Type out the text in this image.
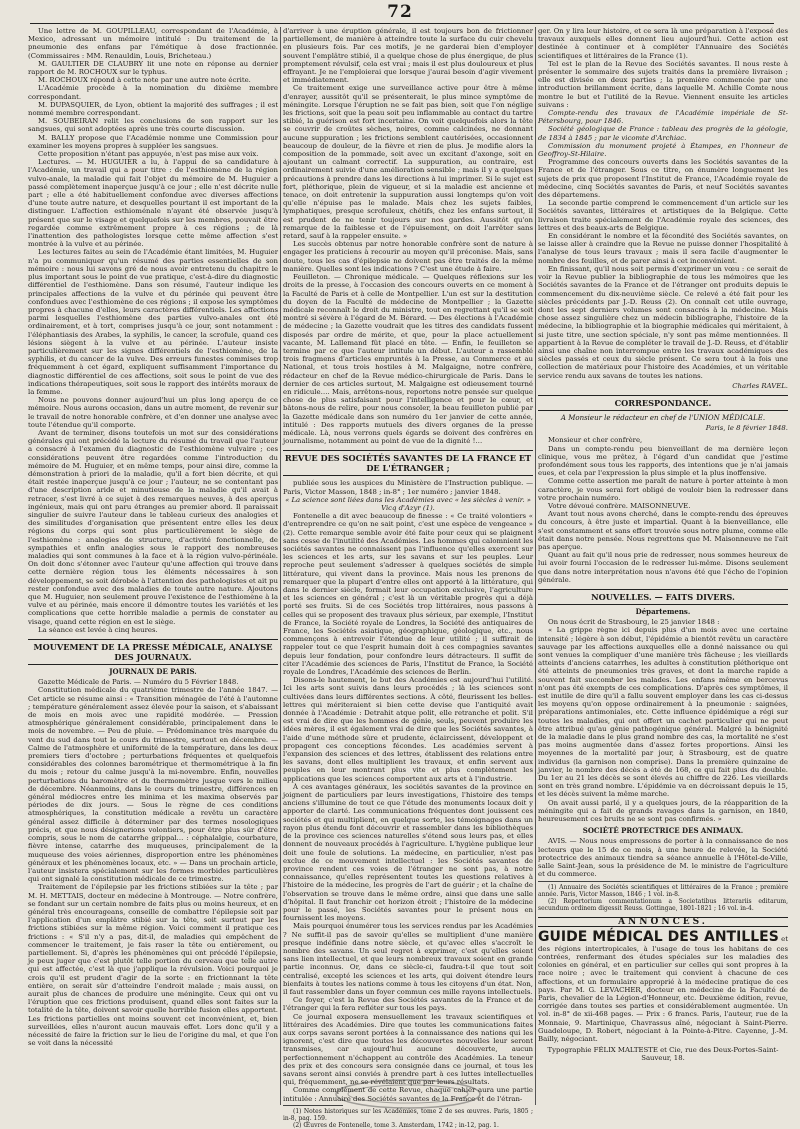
72

Une lettre de M. GOUPILLEAU, correspondant de l'Académie, à Mexico, adressant un mémoire intitulé : Du traitement de la pneumonie des enfans par l'émétique à dose fractionnée. (Commissaires : MM. Renauldin, Louis, Bricheteau.)

M. GAULTIER DE CLAUBRY lit une note en réponse au dernier rapport de M. ROCHOUX sur le typhus.

M. ROCHOUX répond à cette note par une autre note écrite.

L'Académie procède à la nomination du dixième membre correspondant.

M. DUPASQUIER, de Lyon, obtient la majorité des suffrages ; il est nommé membre correspondant.

M. SOUBEIRAN relit les conclusions de son rapport sur les sangsues, qui sont adoptées après une très courte discussion.

M. BALLY propose que l'Académie nomme une Commission pour examiner les moyens propres à suppléer les sangsues.

Cette proposition n'étant pas appuyée, n'est pas mise aux voix.

Lectures. — M. HUGUIER a lu, à l'appui de sa candidature à l'Académie, un travail qui a pour titre : de l'esthiomène de la région vulvo-anale, la maladie qui fait l'objet du mémoire de M. Huguier a passé complètement inaperçue jusqu'à ce jour ; elle n'est décrite nulle part ; elle a été habituellement confondue avec diverses affections d'une toute autre nature, et desquelles pourtant il est important de la distinguer. L'affection esthioménale n'ayant été observée jusqu'à présent que sur le visage et quelquefois sur les membres, pouvait être regardée comme extrêmement propre à ces régions ; de là l'inattention des pathologistes lorsque cette même affection s'est montrée à la vulve et au périnée.

Les lectures faites au sein de l'Académie étant limitées, M. Huguier n'a pu communiquer qu'un résumé des parties essentielles de son mémoire : nous lui savons gré de nous avoir entretenu du chapitre le plus important sous le point de vue pratique, c'est-à-dire du diagnostic différentiel de l'esthiomène. Dans son résumé, l'auteur indique les principales affections de la vulve et du périnée qui peuvent être confondues avec l'esthiomène de ces régions ; il expose les symptômes propres à chacune d'elles, leurs caractères différentiels. Les affections parmi lesquelles l'esthiomène des parties vulvo-anales ont été ordinairement, et à tort, comprises jusqu'à ce jour, sont notamment : l'éléphantiasis des Arabes, la syphilis, le cancer, la scrofule, quand ces lésions siègent à la vulve et au périnée. L'auteur insiste particulièrement sur les signes différentiels de l'esthiomène, de la syphilis, et du cancer de la vulve. Des erreurs funestes commises trop fréquemment à cet égard, expliquent suffisamment l'importance du diagnostic différentiel de ces affections, soit sous le point de vue des indications thérapeutiques, soit sous le rapport des intérêts moraux de la femme.

Nous ne pouvons donner aujourd'hui un plus long aperçu de ce mémoire. Nous aurons occasion, dans un autre moment, de revenir sur le travail de notre honorable confrère, et d'en donner une analyse avec toute l'étendue qu'il comporte.

Avant de terminer, disons toutefois un mot sur des considérations générales qui ont précédé la lecture du résumé du travail que l'auteur a consacré à l'examen du diagnostic de l'esthiomène vulvaire ; ces considérations peuvent être regardées comme l'introduction du mémoire de M. Huguier, et en même temps, pour ainsi dire, comme la démonstration à priori de la maladie, qu'il a fort bien décrite, et qui était restée inaperçue jusqu'à ce jour ; l'auteur, ne se contentant pas d'une description aride et minutieuse de la maladie qu'il avait à retracer, s'est livré à ce sujet à des remarques neuves, à des aperçus ingénieux, mais qui ont paru étranges au premier abord. Il paraissait singulier de suivre l'auteur dans le tableau curieux des analogies et des similitudes d'organisation que présentent entre elles les deux régions du corps qui sont plus particulièrement le siège de l'esthiomène : analogies de structure, d'activité fonctionnelle, de sympathies et enfin analogies sous le rapport des nombreuses maladies qui sont communes à la face et à la région vulvo-périnéale. On doit donc s'étonner avec l'auteur qu'une affection qui trouve dans cette dernière région tous les éléments nécessaires à son développement, se soit dérobée à l'attention des pathologistes et ait pu rester confondue avec des maladies de toute autre nature. Ajoutons que M. Huguier, non seulement prouve l'existence de l'esthiomène à la vulve et au périnée, mais encore il démontre toutes les variétés et les complications que cette horrible maladie a permis de constater au visage, quand cette région en est le siège.

La séance est levée à cinq heures.

MOUVEMENT DE LA PRESSE MÉDICALE, ANALYSE DES JOURNAUX.
JOURNAUX DE PARIS.

Gazette Médicale de Paris. — Numéro du 5 Février 1848.

Constitution médicale du quatrième trimestre de l'année 1847. — Cet article se résume ainsi : « Transition ménagée de l'été à l'automne ; température généralement assez élevée pour la saison, et s'abaissant de mois en mois avec une rapidité modérée. — Pression atmosphérique généralement considérable, principalement dans le mois de novembre. — Peu de pluie. — Prédominance très marquée du vent du sud dans tout le cours du trimestre, surtout en décembre. — Calme de l'atmosphère et uniformité de la température, dans les deux premiers tiers d'octobre ; perturbations fréquentes et quelquefois considérables des colonnes barométrique et thermométrique à la fin du mois ; retour du calme jusqu'à la mi-novembre. Enfin, nouvelles perturbations du baromètre et du thermomètre jusque vers le milieu de décembre. Néanmoins, dans le cours du trimestre, différences en général médiocres entre les minima et les maxima observés par périodes de dix jours. — Sous le règne de ces conditions atmosphériques, la constitution médicale a revêtu un caractère général assez difficile à déterminer par des termes nosologiques précis, et que nous désignerions volontiers, pour être plus sûr d'être compris, sous le nom de catarrhe grippal… : céphalalgie, courbature, fièvre intense, catarrhe des muqueuses, principalement de la muqueuse des voies aériennes, disproportion entre les phénomènes généraux et les phénomènes locaux, etc. » — Dans un prochain article, l'auteur insistera spécialement sur les formes morbides particulières qui ont signalé la constitution médicale de ce trimestre.

Traitement de l'épilepsie par les frictions stibiées sur la tête ; par M. H. METTAIS, docteur en médecine à Montrouge. — Notre confrère, se fondant sur un certain nombre de faits plus ou moins heureux, et en général très encourageans, conseille de combattre l'épilepsie soit par l'application d'un emplâtre stibié sur la tête, soit surtout par les frictions stibiées sur la même région. Voici comment il pratique ces frictions : « S'il n'y a pas, dit-il, de maladies qui empêchent de commencer le traitement, je fais raser la tête ou entièrement, ou partiellement. Si, d'après les phénomènes qui ont précédé l'épilepsie, je peux juger que c'est plutôt telle portion du cerveau que telle autre qui est affectée, c'est là que j'applique la révulsion. Voici pourquoi je crois qu'il est prudent d'agir de la sorte : en frictionnant la tête entière, on serait sûr d'atteindre l'endroit malade ; mais aussi, on aurait plus de chances de produire une méningite. Ceux qui ont vu l'éruption que ces frictions produisent, quand elles sont faites sur la totalité de la tête, doivent savoir quelle horrible fusion elles apportent. Les frictions partielles ont moins souvent cet inconvénient, et, bien surveillées, elles n'auront aucun mauvais effet. Lors donc qu'il y a nécessité de faire la friction sur le lieu de l'origine du mal, et que l'on se voit dans la nécessité

d'arriver à une éruption générale, il est toujours bon de frictionner partiellement, de manière à atteindre toute la surface du cuir chevelu en plusieurs fois. Par ces motifs, je ne garderai bien d'employer souvent l'emplâtre stibié, il a quelque chose de plus énergique, de plus promptement révulsif, cela est vrai ; mais il est plus douloureux et plus effrayant. Je ne l'emploierai que lorsque j'aurai besoin d'agir vivement et immédiatement.

Ce traitement exige une surveillance active pour être à même d'enrayer, aussitôt qu'il se présenterait, le plus mince symptôme de méningite. Lorsque l'éruption ne se fait pas bien, soit que l'on néglige les frictions, soit que la peau soit peu inflammable au contact du tartre stibié, la guérison est fort incertaine. On voit quelquefois alors la tête se couvrir de croûtes sèches, noires, comme calcinées, ne donnant aucune suppuration ; les frictions semblent cautérisées, occasionnent beaucoup de douleur, de la fièvre et rien de plus. Je modifie alors la composition de la pommade, soit avec un excitant d'axonge, soit en ajoutant un calmant correctif. La suppuration, au contraire, est ordinairement suivie d'une amélioration sensible ; mais il y a quelques précautions à prendre dans les directions à lui imprimer. Si le sujet est fort, pléthorique, plein de vigueur, et si la maladie est ancienne et tenace, on doit entretenir la suppuration aussi longtemps qu'on voit qu'elle n'épuise pas le malade. Mais chez les sujets faibles, lymphatiques, presque scrofuleux, chétifs, chez les enfans surtout, il est prudent de ne tenir toujours sur nos gardes. Aussitôt qu'on remarque de la faiblesse et de l'épuisement, on doit l'arrêter sans retard, sauf à la rappeler ensuite. »

Les succès obtenus par notre honorable confrère sont de nature à engager les praticiens à recourir au moyen qu'il préconise. Mais, sans doute, tous les cas d'épilepsie ne doivent pas être traités de la même manière. Quelles sont les indications ? C'est une étude à faire.

Feuilleton. — Chronique médicale. — Quelques réflexions sur les droits de la presse, à l'occasion des concours ouverts en ce moment à la Faculté de Paris et à celle de Montpellier. L'un est sur la destitution du doyen de la Faculté de médecine de Montpellier ; la Gazette médicale reconnaît le droit du ministre, tout en regrettant qu'il se soit montré si sévère à l'égard de M. Bérard. — Des élections à l'Académie de médecine ; la Gazette voudrait que les titres des candidats fussent disposés par ordre de mérite, et que, pour la place actuellement vacante, M. Lallemand fût placé en tête. — Enfin, le feuilleton se termine par ce que l'auteur intitule un début. L'auteur a rassemblé trois fragmens d'articles empruntés à la Presse, au Commerce et au National, et tous trois hostiles à M. Malgaigne, notre confrère, rédacteur en chef de la Revue médico-chirurgicale de Paris. Dans le dernier de ces articles surtout, M. Malgaigne est odieusement tourné en ridicule…. Mais, arrêtons-nous, reportons notre pensée sur quelque chose de plus satisfaisant pour l'intelligence et pour le cœur, et bâtons-nous de relire, pour nous consoler, la beau feuilleton publié par la Gazette médicale dans son numéro du 1er janvier de cette année, intitulé : Des rapports mutuels des divers organes de la presse médicale. Là, nous verrons quels égards se doivent des confrères en journalisme, notamment au point de vue de la dignité !…

REVUE DES SOCIÉTÉS SAVANTES DE LA FRANCE ET DE L'ÉTRANGER ;

publiée sous les auspices du Ministère de l'Instruction publique. — Paris, Victor Masson, 1848 ; in-8° ; 1er numéro ; janvier 1848.

« La science sont liées dans les Académies avec « les siècles à venir. » Vicq d'Azyr (1).

Fontenelle a dit avec beaucoup de finesse : « Ce traité volontiers « d'entreprendre ce qu'on ne sait point, c'est une espèce de vengeance » (2). Cette remarque semble avoir été faite pour ceux qui se plaignent sans cesse de l'inutilité des Académies. Les hommes qui calomnient les sociétés savantes ne connaissent pas l'influence qu'elles exercent sur les sciences et les arts, sur les savans et sur les peuples. Leur reproche peut seulement s'adresser à quelques sociétés de simple littérature, qui vivent dans la province. Mais nous les prenons de remarquer que la plupart d'entre elles ont apporté à la littérature, qui dans le dernier siècle, formait leur occupation exclusive, l'agriculture et les sciences en général ; c'est là un véritable progrès qui a déjà porté ses fruits. Si de ces Sociétés trop littéraires, nous passons à celles qui se proposent des travaux plus sérieux, par exemple, l'Institut de France, la Société royale de Londres, la Société des antiquaires de France, les Sociétés asiatique, géographique, géologique, etc., nous commençons à entrevoir l'étendue de leur utilité ; il suffirait de rappeler tout ce que l'esprit humain doit à ces compagnies savantes depuis leur fondation, pour confondre leurs détracteurs. Il suffit de citer l'Académie des sciences de Paris, l'Institut de France, la Société royale de Londres, l'Académie des sciences de Berlin.

Disons-le hautement, le but des Académies est aujourd'hui l'utilité. Ici les arts sont suivis dans leurs procédés ; là les sciences sont cultivées dans leurs différentes sections. À côté, fleurissent les belles-lettres qui mériteraient si bien cette devise que l'antiquité avait donnée à l'Académie : Detrahit atque polit, elle retranche et polit. S'il est vrai de dire que les hommes de génie, seuls, peuvent produire les idées mères, il est également vrai de dire que les Sociétés savantes, à l'aide d'une méthode sûre et prudente, éclaircissent, développent et propagent ces conceptions fécondes. Les académies servent à l'expansion des sciences et des lettres, établissent des relations entre les savans, dont elles multiplient les travaux, et enfin servent aux peuples en leur montrant plus vite et plus complètement les applications que les sciences comportent aux arts et à l'industrie.

À ces avantages généraux, les sociétés savantes de la province en joignent de particuliers par leurs investigations, l'histoire des temps anciens s'illumine de tout ce que l'étude des monuments locaux doit y apporter de clarté. Les communications fréquentes dont jouissent ces sociétés et qui multiplient, en quelque sorte, les témoignages dans un rayon plus étendu font découvrir et rassembler dans les bibliothèques de la province ces sciences naturelles s'étend sous leurs pas, et elles donnent de nouveaux procédés à l'agriculture. L'hygiène publique leur doit une foule de solutions. La médecine, en particulier, n'est pas exclue de ce mouvement intellectuel : les Sociétés savantes de province rendent ces voies de l'étranger ne sont pas, à notre connaissance, qu'elles représentent toutes les questions relatives à l'histoire de la médecine, les progrès de l'art de guérir ; et la chaîne de l'observation se trouve dans le même ordre, ainsi que dans une salle d'hôpital. Il faut franchir cet horizon étroit ; l'histoire de la médecine pour le passé, les Sociétés savantes pour le présent nous en fournissent les moyens.

Mais pourquoi énumérer tous les services rendus par les Académies ? Ne suffit-il pas de savoir qu'elles se multiplient d'une manière presque indéfinie dans notre siècle, et qu'avec elles s'accroît le nombre des savans. Un seul regret à exprimer, c'est qu'elles soient sans lien intellectuel, et que leurs nombreux travaux soient en grande partie inconnus. Or, dans ce siècle-ci, faudra-t-il que tout soit centralisé, excepté les sciences et les arts, qui doivent étendre leurs bienfaits à toutes les nations comme à tous les citoyens d'un état. Non, il faut rassembler dans un foyer commun ces mille rayons intellectuels.

Ce foyer, c'est la Revue des Sociétés savantes de la France et de l'étranger qui la fera refléter sur tous les pays.

Ce journal exposera mensuellement les travaux scientifiques et littéraires des Académies. Dire que toutes les communications faites aux corps savans seront portées à la connaissance des nations qui les ignorent, c'est dire que toutes les découvertes nouvelles leur seront transmises, car aujourd'hui aucune découverte, aucun perfectionnement n'échappent au contrôle des Académies. La teneur des prix et des concours sera consignée dans ce journal, et tous les savans seront ainsi conviés à prendre part à ces luttes intellectuelles qui, fréquemment, ne se révélaient que par leurs résultats.

Comme complément de cette Revue, chaque cahier aura une partie intitulée : Annuaire des Sociétés savantes de la France et de l'étran-

(1) Notes historiques sur les Académies, tome 2 de ses œuvres. Paris, 1805 ; in-8, pag. 159.

(2) Œuvres de Fontenelle, tome 3. Amsterdam, 1742 ; in-12, pag. 1.

ger. On y lira leur histoire, et ce sera là une préparation à l'exposé des travaux auxquels elles donnent lieu aujourd'hui. Cette action est destinée à continuer et à compléter l'Annuaire des Sociétés scientifiques et littéraires de la France (1).

Tel est le plan de la Revue des Sociétés savantes. Il nous reste à présenter le sommaire des sujets traités dans la première livraison ; elle est divisée en deux parties ; la première commencée par une introduction brillamment écrite, dans laquelle M. Achille Comte nous montre le but et l'utilité de la Revue. Viennent ensuite les articles suivans :

Compte-rendu des travaux de l'Académie impériale de St-Pétersbourg, pour 1846.

Société géologique de France : tableau des progrès de la géologie, de 1834 à 1845 ; par le vicomte d'Archiac.

Commission du monument projeté à Étampes, en l'honneur de Geoffroy-St-Hilaire.

Programme des concours ouverts dans les Sociétés savantes de la France et de l'étranger. Sous ce titre, on énumère longuement les sujets de prix que proposent l'Institut de France, l'Académie royale de médecine, cinq Sociétés savantes de Paris, et neuf Sociétés savantes des départemens.

La seconde partie comprend le commencement d'un article sur les Sociétés savantes, littéraires et artistiques de la Belgique. Cette livraison traite spécialement de l'Académie royale des sciences, des lettres et des beaux-arts de Belgique.

En considérant le nombre et la fécondité des Sociétés savantes, on se laisse aller à craindre que la Revue ne puisse donner l'hospitalité à l'analyse de tous leurs travaux ; mais il sera facile d'augmenter le nombre des feuilles, et de parer ainsi à cet inconvénient.

En finissant, qu'il nous soit permis d'exprimer un vœu : ce serait de voir la Revue publier la bibliographie de tous les mémoires que les Sociétés savantes de la France et de l'étranger ont produits depuis le commencement du dix-neuvième siècle. Ce relevé a été fait pour les siècles précédents par J.-D. Reuss (2). On connaît cet utile ouvrage, dont les sept derniers volumes sont consacrés à la médecine. Mais chose assez singulière chez un médecin bibliographe, l'histoire de la médecine, la bibliographie et la biographie médicales qui méritaient, à si juste titre, une section spéciale, n'y sont pas même mentionnées. Il appartient à la Revue de compléter le travail de J.-D. Reuss, et d'établir ainsi une chaîne non interrompue entre les travaux académiques des siècles passés et ceux du siècle présent. Ce sera tout à la fois une collection de matériaux pour l'histoire des Académies, et un véritable service rendu aux savans de toutes les nations.

Charles RAVEL.
CORRESPONDANCE.
A Monsieur le rédacteur en chef de l'UNION MÉDICALE.
Paris, le 8 février 1848.

Monsieur et cher confrère,

Dans un compte-rendu peu bienveillant de ma dernière leçon clinique, vous me prêtez, à l'égard d'un candidat que j'estime profondément sous tous les rapports, des intentions que je n'ai jamais eues, et cela par l'expression la plus simple et la plus inoffensive.

Comme cette assertion me paraît de nature à porter atteinte à mon caractère, je vous serai fort obligé de vouloir bien la redresser dans votre prochain numéro.

Votre dévoué confrère. MAISONNEUVE.

Avant tout nous avons cherché, dans le compte-rendu des épreuves du concours, à être juste et impartial. Quant à la bienveillance, elle s'est constamment et sans effort trouvée sous notre plume, comme elle était dans notre pensée. Nous regrettons que M. Maisonneuve ne l'ait pas aperçue.

Quant au fait qu'il nous prie de redresser, nous sommes heureux de lui avoir fourni l'occasion de le redresser lui-même. Disons seulement que dans notre interprétation nous n'avons été que l'écho de l'opinion générale.

NOUVELLES. — FAITS DIVERS.
Départemens.

On nous écrit de Strasbourg, le 25 janvier 1848 :

« La grippe règne ici depuis plus d'un mois avec une certaine intensité ; légère à son début, l'épidémie a bientôt revêtu un caractère sauvage par les affections auxquelles elle a donné naissance ou qui sont venues la compliquer d'une manière très fâcheuse ; les vieillards atteints d'anciens catarrhes, les adultes à constitution pléthorique ont été atteints de pneumonies très graves, et dont la marche rapide a souvent fait succomber les malades. Les enfans même en bercevus n'ont pas été exempts de ces complications. D'après ces symptômes, il est inutile de dire qu'il a fallu souvent employer dans les cas ci-dessus les moyens qu'on oppose ordinairement à la pneumonie : saignées, préparations antimoniales, etc. Cette influence épidémique a régi sur toutes les maladies, qui ont offert un cachet particulier qui ne peut être attribué qu'au génie pathogénique général. Malgré la bénignité de la maladie dans le plus grand nombre des cas, la mortalité ne s'est pas moins augmentée dans d'assez fortes proportions. Ainsi les moyennes de la mortalité par jour, à Strasbourg, est de quatre individus (la garnison non comprise). Dans la première quinzaine de janvier, le nombre des décès a été de 168, ce qui fait plus du double. Du 1er au 21 les décès se sont élevés au chiffre de 226. Les vieillards sont en très grand nombre. L'épidémie va en décroissant depuis le 15, et les décès suivent la même marche.

On avait aussi parlé, il y a quelques jours, de la réapparition de la méningite qui a fait de grands ravages dans la garnison, en 1840, heureusement ces bruits ne se sont pas confirmés. »

SOCIÉTÉ PROTECTRICE DES ANIMAUX.

AVIS. — Nous nous empressons de porter à la connaissance de nos lecteurs que le 15 de ce mois, à une heure de relevée, la Société protectrice des animaux tiendra sa séance annuelle à l'Hôtel-de-Ville, salle Saint-Jean, sous la présidence de M. le ministre de l'agriculture et du commerce.

(1) Annuaire des Sociétés scientifiques et littéraires de la France ; première année. Paris, Victor Masson, 1846 ; 1 vol. in-8.

(2) Repertorium commentationum a Societatibus litterariis editarum, secundum ordinem digessit Reuss. Gottingae, 1801-1821 ; 16 vol. in-4.

ANNONCES.

GUIDE MÉDICAL DES ANTILLES et des régions intertropicales, à l'usage de tous les habitans de ces contrées, renfermant des études spéciales sur les maladies des colonies en général, et en particulier sur celles qui sont propres à la race noire ; avec le traitement qui convient à chacune de ces affections, et un formulaire approprié à la médecine pratique de ces pays. Par M. G. LEVACHER, docteur en médecine de la Faculté de Paris, chevalier de la Légion-d'Honneur, etc. Deuxième édition, revue, corrigée dans toutes ses parties et considérablement augmentée. Un vol. in-8° de xii-468 pages. — Prix : 6 francs. Paris, l'auteur, rue de la Monnaie, 9. Martinique, Chavrassus aîné, négociant à Saint-Pierre. Guadeloupe, D. Robert, négociant à la Pointe-à-Pitre. Cayenne, J.-M. Bailly, négociant.

Typographie FÉLIX MALTESTE et Cie, rue des Deux-Portes-Saint-Sauveur, 18.
